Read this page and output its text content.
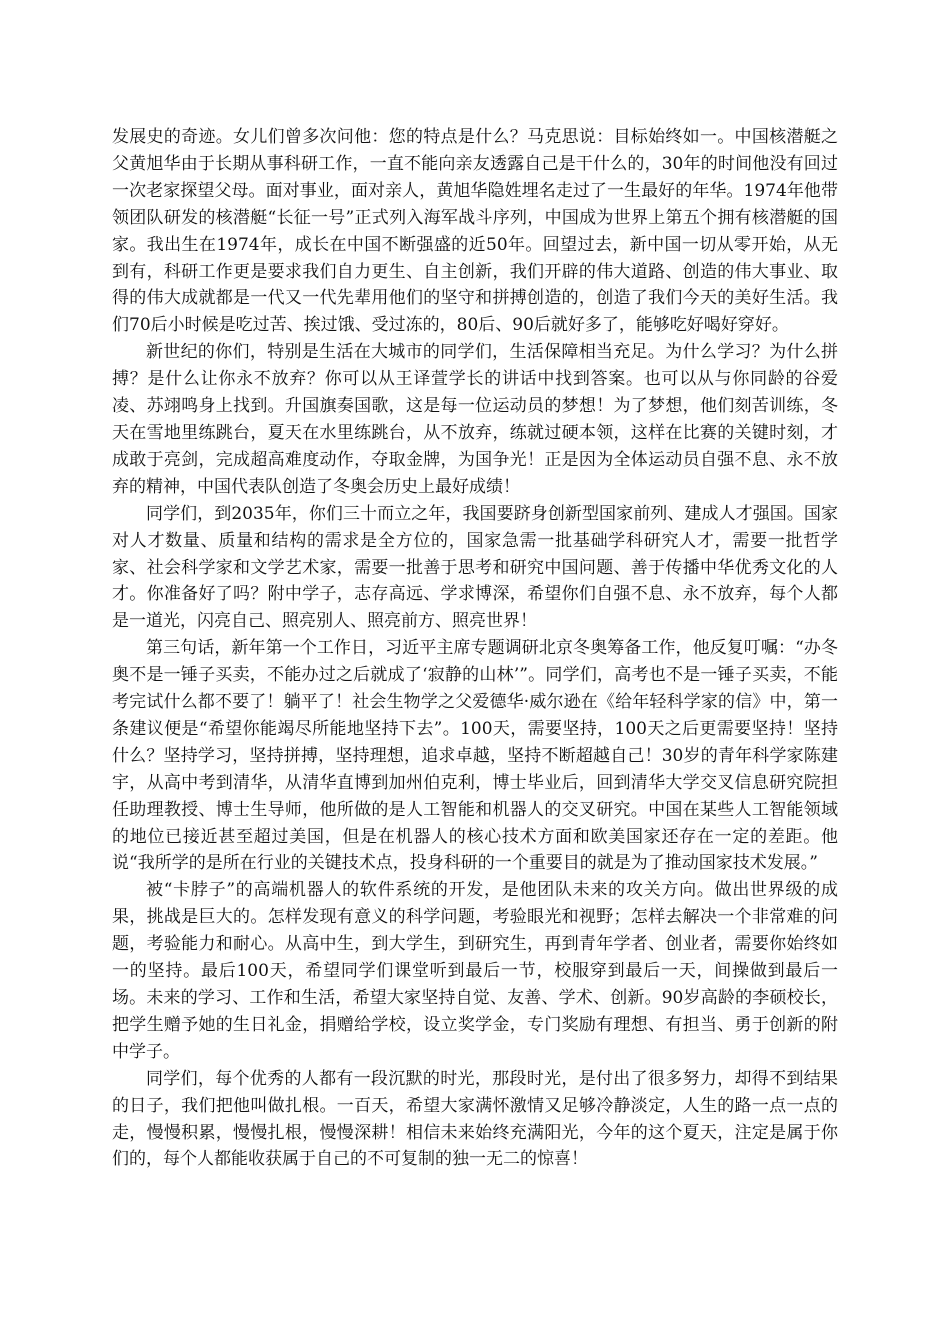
发展史的奇迹。女儿们曾多次问他：您的特点是什么？马克思说：目标始终如一。中国核潜艇之父黄旭华由于长期从事科研工作，一直不能向亲友透露自己是干什么的，30年的时间他没有回过一次老家探望父母。面对事业，面对亲人，黄旭华隐姓埋名走过了一生最好的年华。1974年他带领团队研发的核潜艇“长征一号”正式列入海军战斗序列，中国成为世界上第五个拥有核潜艇的国家。我出生在1974年，成长在中国不断强盛的近50年。回望过去，新中国一切从零开始，从无到有，科研工作更是要求我们自力更生、自主创新，我们开辟的伟大道路、创造的伟大事业、取得的伟大成就都是一代又一代先辈用他们的坚守和拼搏创造的，创造了我们今天的美好生活。我们70后小时候是吃过苦、挨过饿、受过冻的，80后、90后就好多了，能够吃好喝好穿好。

新世纪的你们，特别是生活在大城市的同学们，生活保障相当充足。为什么学习？为什么拼搏？是什么让你永不放弃？你可以从王译萱学长的讲话中找到答案。也可以从与你同龄的谷爱凌、苏翊鸣身上找到。升国旗奏国歌，这是每一位运动员的梦想！为了梦想，他们刻苦训练，冬天在雪地里练跳台，夏天在水里练跳台，从不放弃，练就过硬本领，这样在比赛的关键时刻，才成敢于亮剑，完成超高难度动作，夺取金牌，为国争光！正是因为全体运动员自强不息、永不放弃的精神，中国代表队创造了冬奥会历史上最好成绩！

同学们，到2035年，你们三十而立之年，我国要跻身创新型国家前列、建成人才强国。国家对人才数量、质量和结构的需求是全方位的，国家急需一批基础学科研究人才，需要一批哲学家、社会科学家和文学艺术家，需要一批善于思考和研究中国问题、善于传播中华优秀文化的人才。你准备好了吗？附中学子，志存高远、学求博深，希望你们自强不息、永不放弃，每个人都是一道光，闪亮自己、照亮别人、照亮前方、照亮世界！

第三句话，新年第一个工作日，习近平主席专题调研北京冬奥筹备工作，他反复叮嘱：“办冬奥不是一锤子买卖，不能办过之后就成了‘寂静的山林’”。同学们，高考也不是一锤子买卖，不能考完试什么都不要了！躺平了！社会生物学之父爱德华·威尔逊在《给年轻科学家的信》中，第一条建议便是“希望你能竭尽所能地坚持下去”。100天，需要坚持，100天之后更需要坚持！坚持什么？坚持学习，坚持拼搏，坚持理想，追求卓越，坚持不断超越自己！30岁的青年科学家陈建宇，从高中考到清华，从清华直博到加州伯克利，博士毕业后，回到清华大学交叉信息研究院担任助理教授、博士生导师，他所做的是人工智能和机器人的交叉研究。中国在某些人工智能领域的地位已接近甚至超过美国，但是在机器人的核心技术方面和欧美国家还存在一定的差距。他说“我所学的是所在行业的关键技术点，投身科研的一个重要目的就是为了推动国家技术发展。”

被“卡脖子”的高端机器人的软件系统的开发，是他团队未来的攻关方向。做出世界级的成果，挑战是巨大的。怎样发现有意义的科学问题，考验眼光和视野；怎样去解决一个非常难的问题，考验能力和耐心。从高中生，到大学生，到研究生，再到青年学者、创业者，需要你始终如一的坚持。最后100天，希望同学们课堂听到最后一节，校服穿到最后一天，间操做到最后一场。未来的学习、工作和生活，希望大家坚持自觉、友善、学术、创新。90岁高龄的李硕校长，把学生赠予她的生日礼金，捐赠给学校，设立奖学金，专门奖励有理想、有担当、勇于创新的附中学子。

同学们，每个优秀的人都有一段沉默的时光，那段时光，是付出了很多努力，却得不到结果的日子，我们把他叫做扎根。一百天，希望大家满怀激情又足够冷静淡定，人生的路一点一点的走，慢慢积累，慢慢扎根，慢慢深耕！相信未来始终充满阳光，今年的这个夏天，注定是属于你们的，每个人都能收获属于自己的不可复制的独一无二的惊喜！
